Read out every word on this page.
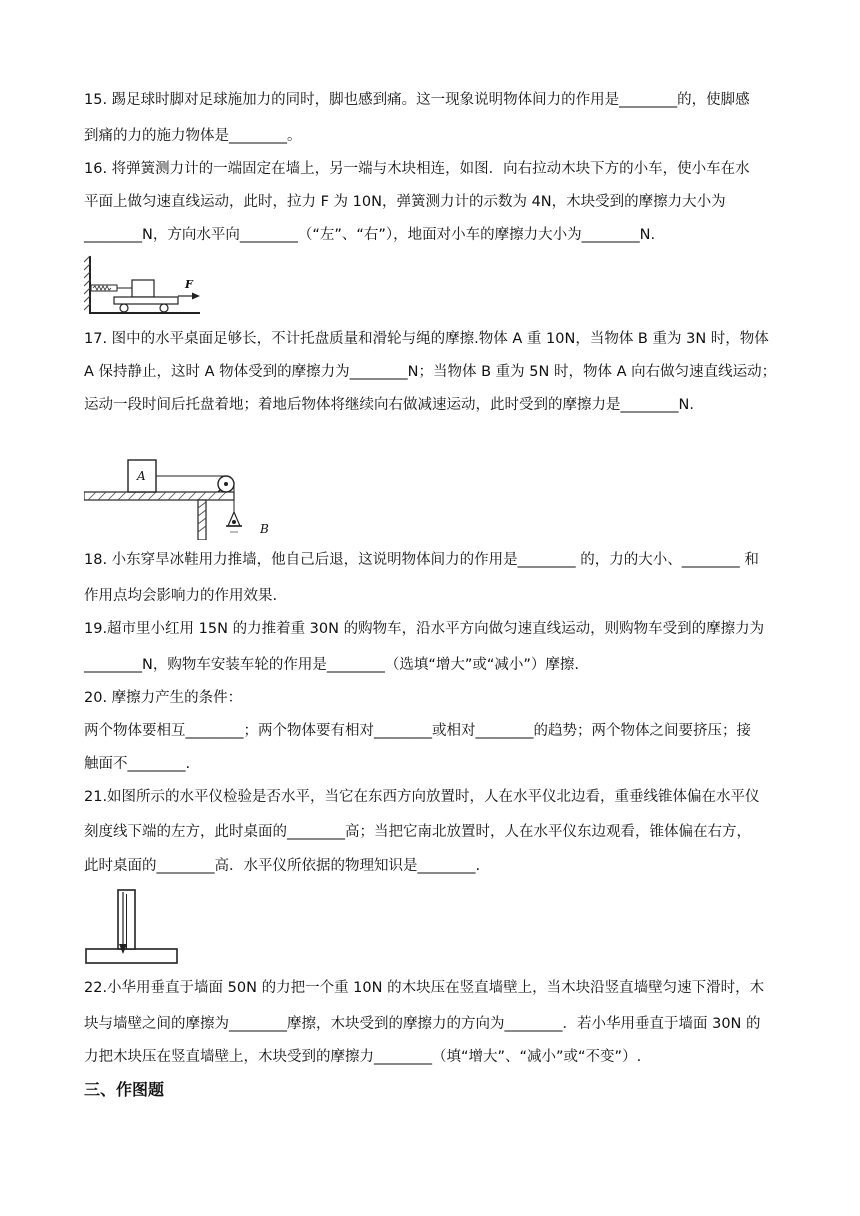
15. 踢足球时脚对足球施加力的同时，脚也感到痛。这一现象说明物体间力的作用是________的，使脚感
到痛的力的施力物体是________。
16. 将弹簧测力计的一端固定在墙上，另一端与木块相连，如图．向右拉动木块下方的小车，使小车在水
平面上做匀速直线运动，此时，拉力 F 为 10N，弹簧测力计的示数为 4N，木块受到的摩擦力大小为
________N，方向水平向________（“左”、“右”），地面对小车的摩擦力大小为________N.
F
17. 图中的水平桌面足够长，不计托盘质量和滑轮与绳的摩擦.物体 A 重 10N，当物体 B 重为 3N 时，物体
A 保持静止，这时 A 物体受到的摩擦力为________N；当物体 B 重为 5N 时，物体 A 向右做匀速直线运动；
运动一段时间后托盘着地；着地后物体将继续向右做减速运动，此时受到的摩擦力是________N.
A
B
18. 小东穿旱冰鞋用力推墙，他自己后退，这说明物体间力的作用是________ 的，力的大小、________ 和
作用点均会影响力的作用效果.
19.超市里小红用 15N 的力推着重 30N 的购物车，沿水平方向做匀速直线运动，则购物车受到的摩擦力为
________N，购物车安装车轮的作用是________（选填“增大”或“减小”）摩擦.
20. 摩擦力产生的条件：
两个物体要相互________；两个物体要有相对________或相对________的趋势；两个物体之间要挤压；接
触面不________.
21.如图所示的水平仪检验是否水平，当它在东西方向放置时，人在水平仪北边看，重垂线锥体偏在水平仪
刻度线下端的左方，此时桌面的________高；当把它南北放置时，人在水平仪东边观看，锥体偏在右方，
此时桌面的________高．水平仪所依据的物理知识是________.
22.小华用垂直于墙面 50N 的力把一个重 10N 的木块压在竖直墙壁上，当木块沿竖直墙壁匀速下滑时，木
块与墙壁之间的摩擦为________摩擦，木块受到的摩擦力的方向为________．若小华用垂直于墙面 30N 的
力把木块压在竖直墙壁上，木块受到的摩擦力________（填“增大”、“减小”或“不变”）.
三、作图题
